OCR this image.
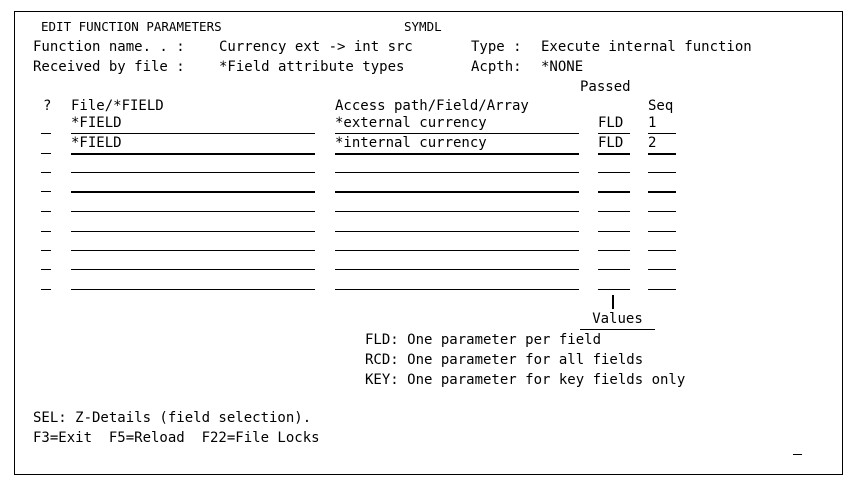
EDIT FUNCTION PARAMETERS	SYMDL
Function name. . : Currency ext -> int src	Type : Execute internal function
Received by file : *Field attribute types	Acpth: *NONE
Passed
? File/*FIELD	Access path/Field/Array	Seq
*FIELD	*external currency	FLD	1
*FIELD	*internal currency	FLD	2
Values
FLD: One parameter per field
RCD: One parameter for all fields
KEY: One parameter for key fields only
SEL: Z-Details (field selection).
F3=Exit  F5=Reload  F22=File Locks
